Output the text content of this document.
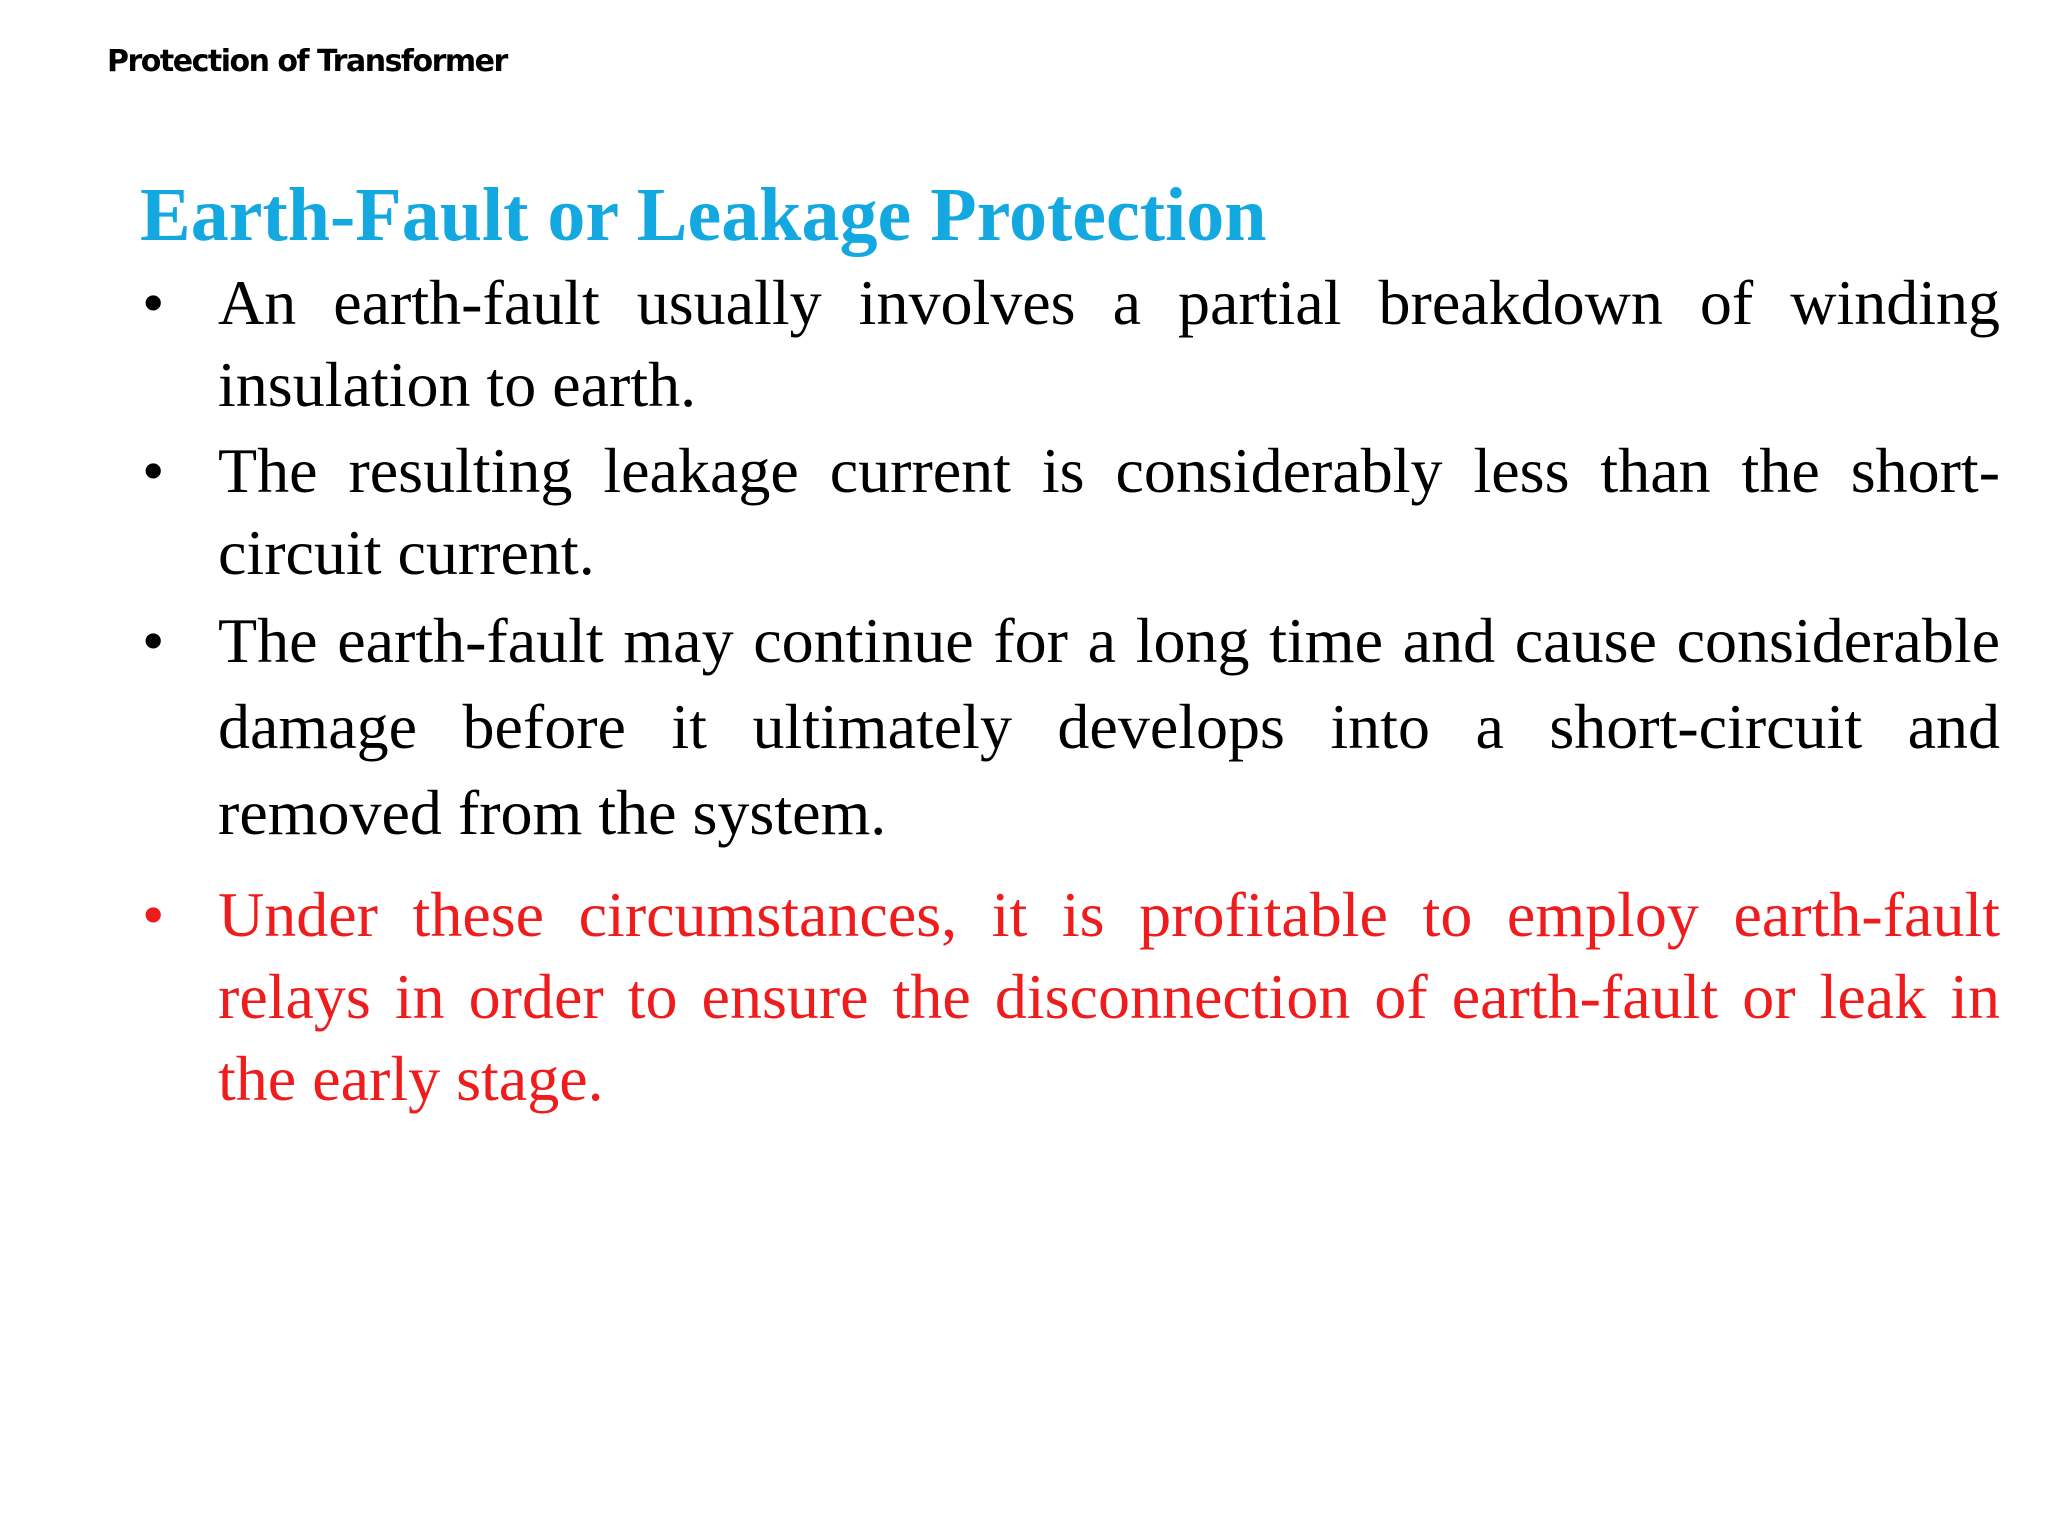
Protection of Transformer
Earth-Fault or Leakage Protection
• An earth-fault usually involves a partial breakdown of winding insulation to earth.
• The resulting leakage current is considerably less than the short-circuit current.
• The earth-fault may continue for a long time and cause considerable damage before it ultimately develops into a short-circuit and removed from the system.
• Under these circumstances, it is profitable to employ earth-fault relays in order to ensure the disconnection of earth-fault or leak in the early stage.
